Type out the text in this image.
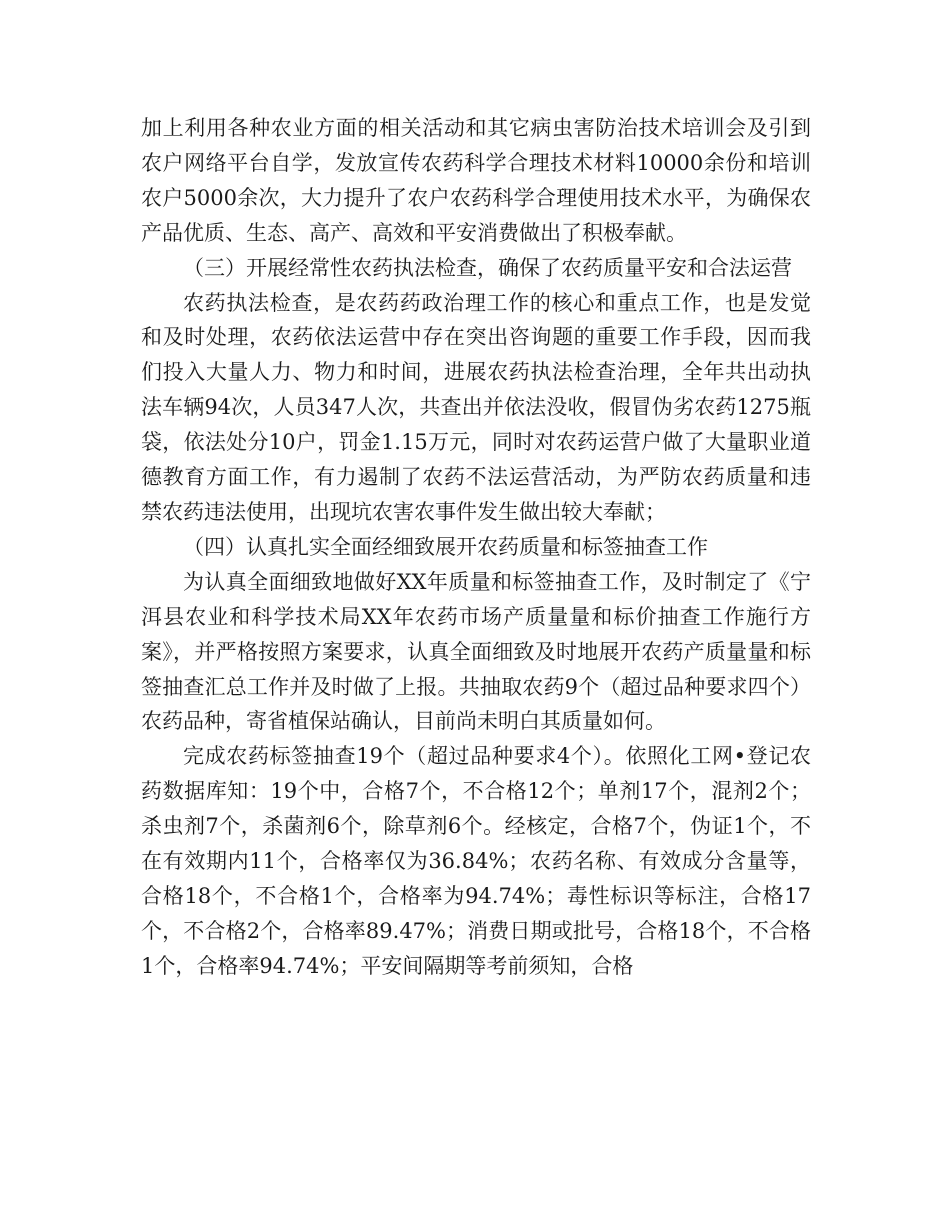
加上利用各种农业方面的相关活动和其它病虫害防治技术培训会及引到农户网络平台自学，发放宣传农药科学合理技术材料10000余份和培训农户5000余次，大力提升了农户农药科学合理使用技术水平，为确保农产品优质、生态、高产、高效和平安消费做出了积极奉献。

（三）开展经常性农药执法检查，确保了农药质量平安和合法运营

农药执法检查，是农药药政治理工作的核心和重点工作，也是发觉和及时处理，农药依法运营中存在突出咨询题的重要工作手段，因而我们投入大量人力、物力和时间，进展农药执法检查治理，全年共出动执法车辆94次，人员347人次，共查出并依法没收，假冒伪劣农药1275瓶袋，依法处分10户，罚金1.15万元，同时对农药运营户做了大量职业道德教育方面工作，有力遏制了农药不法运营活动，为严防农药质量和违禁农药违法使用，出现坑农害农事件发生做出较大奉献；

（四）认真扎实全面经细致展开农药质量和标签抽查工作

为认真全面细致地做好XX年质量和标签抽查工作，及时制定了《宁洱县农业和科学技术局XX年农药市场产质量量和标价抽查工作施行方案》，并严格按照方案要求，认真全面细致及时地展开农药产质量量和标签抽查汇总工作并及时做了上报。共抽取农药9个（超过品种要求四个）农药品种，寄省植保站确认，目前尚未明白其质量如何。

完成农药标签抽查19个（超过品种要求4个）。依照化工网•登记农药数据库知：19个中，合格7个，不合格12个；单剂17个，混剂2个；杀虫剂7个，杀菌剂6个，除草剂6个。经核定，合格7个，伪证1个，不在有效期内11个，合格率仅为36.84%；农药名称、有效成分含量等，合格18个，不合格1个，合格率为94.74%；毒性标识等标注，合格17个，不合格2个，合格率89.47%；消费日期或批号，合格18个，不合格1个，合格率94.74%；平安间隔期等考前须知，合格
